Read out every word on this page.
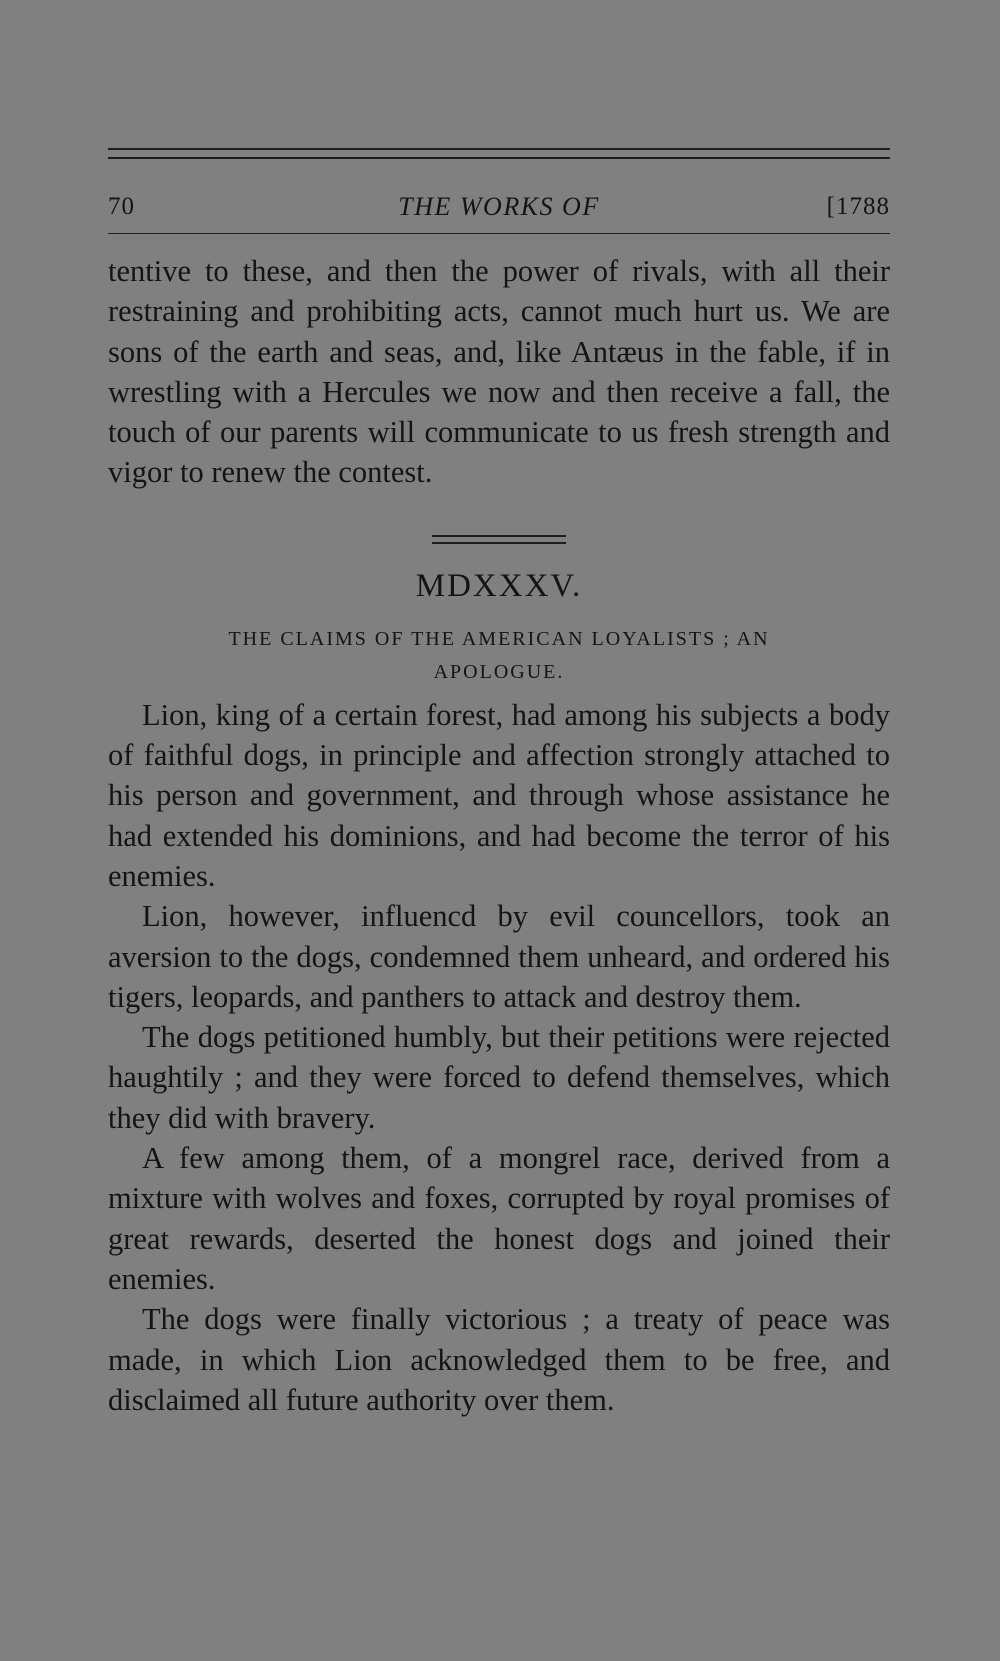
70	THE WORKS OF	[1788

tentive to these, and then the power of rivals, with all their restraining and prohibiting acts, cannot much hurt us. We are sons of the earth and seas, and, like Antæus in the fable, if in wrestling with a Hercules we now and then receive a fall, the touch of our parents will communicate to us fresh strength and vigor to renew the contest.

MDXXXV.
THE CLAIMS OF THE AMERICAN LOYALISTS ; AN
APOLOGUE.

Lion, king of a certain forest, had among his subjects a body of faithful dogs, in principle and affection strongly attached to his person and government, and through whose assistance he had extended his dominions, and had become the terror of his enemies.

Lion, however, influencd by evil councellors, took an aversion to the dogs, condemned them unheard, and ordered his tigers, leopards, and panthers to attack and destroy them.

The dogs petitioned humbly, but their petitions were rejected haughtily ; and they were forced to defend themselves, which they did with bravery.

A few among them, of a mongrel race, derived from a mixture with wolves and foxes, corrupted by royal promises of great rewards, deserted the honest dogs and joined their enemies.

The dogs were finally victorious ; a treaty of peace was made, in which Lion acknowledged them to be free, and disclaimed all future authority over them.
